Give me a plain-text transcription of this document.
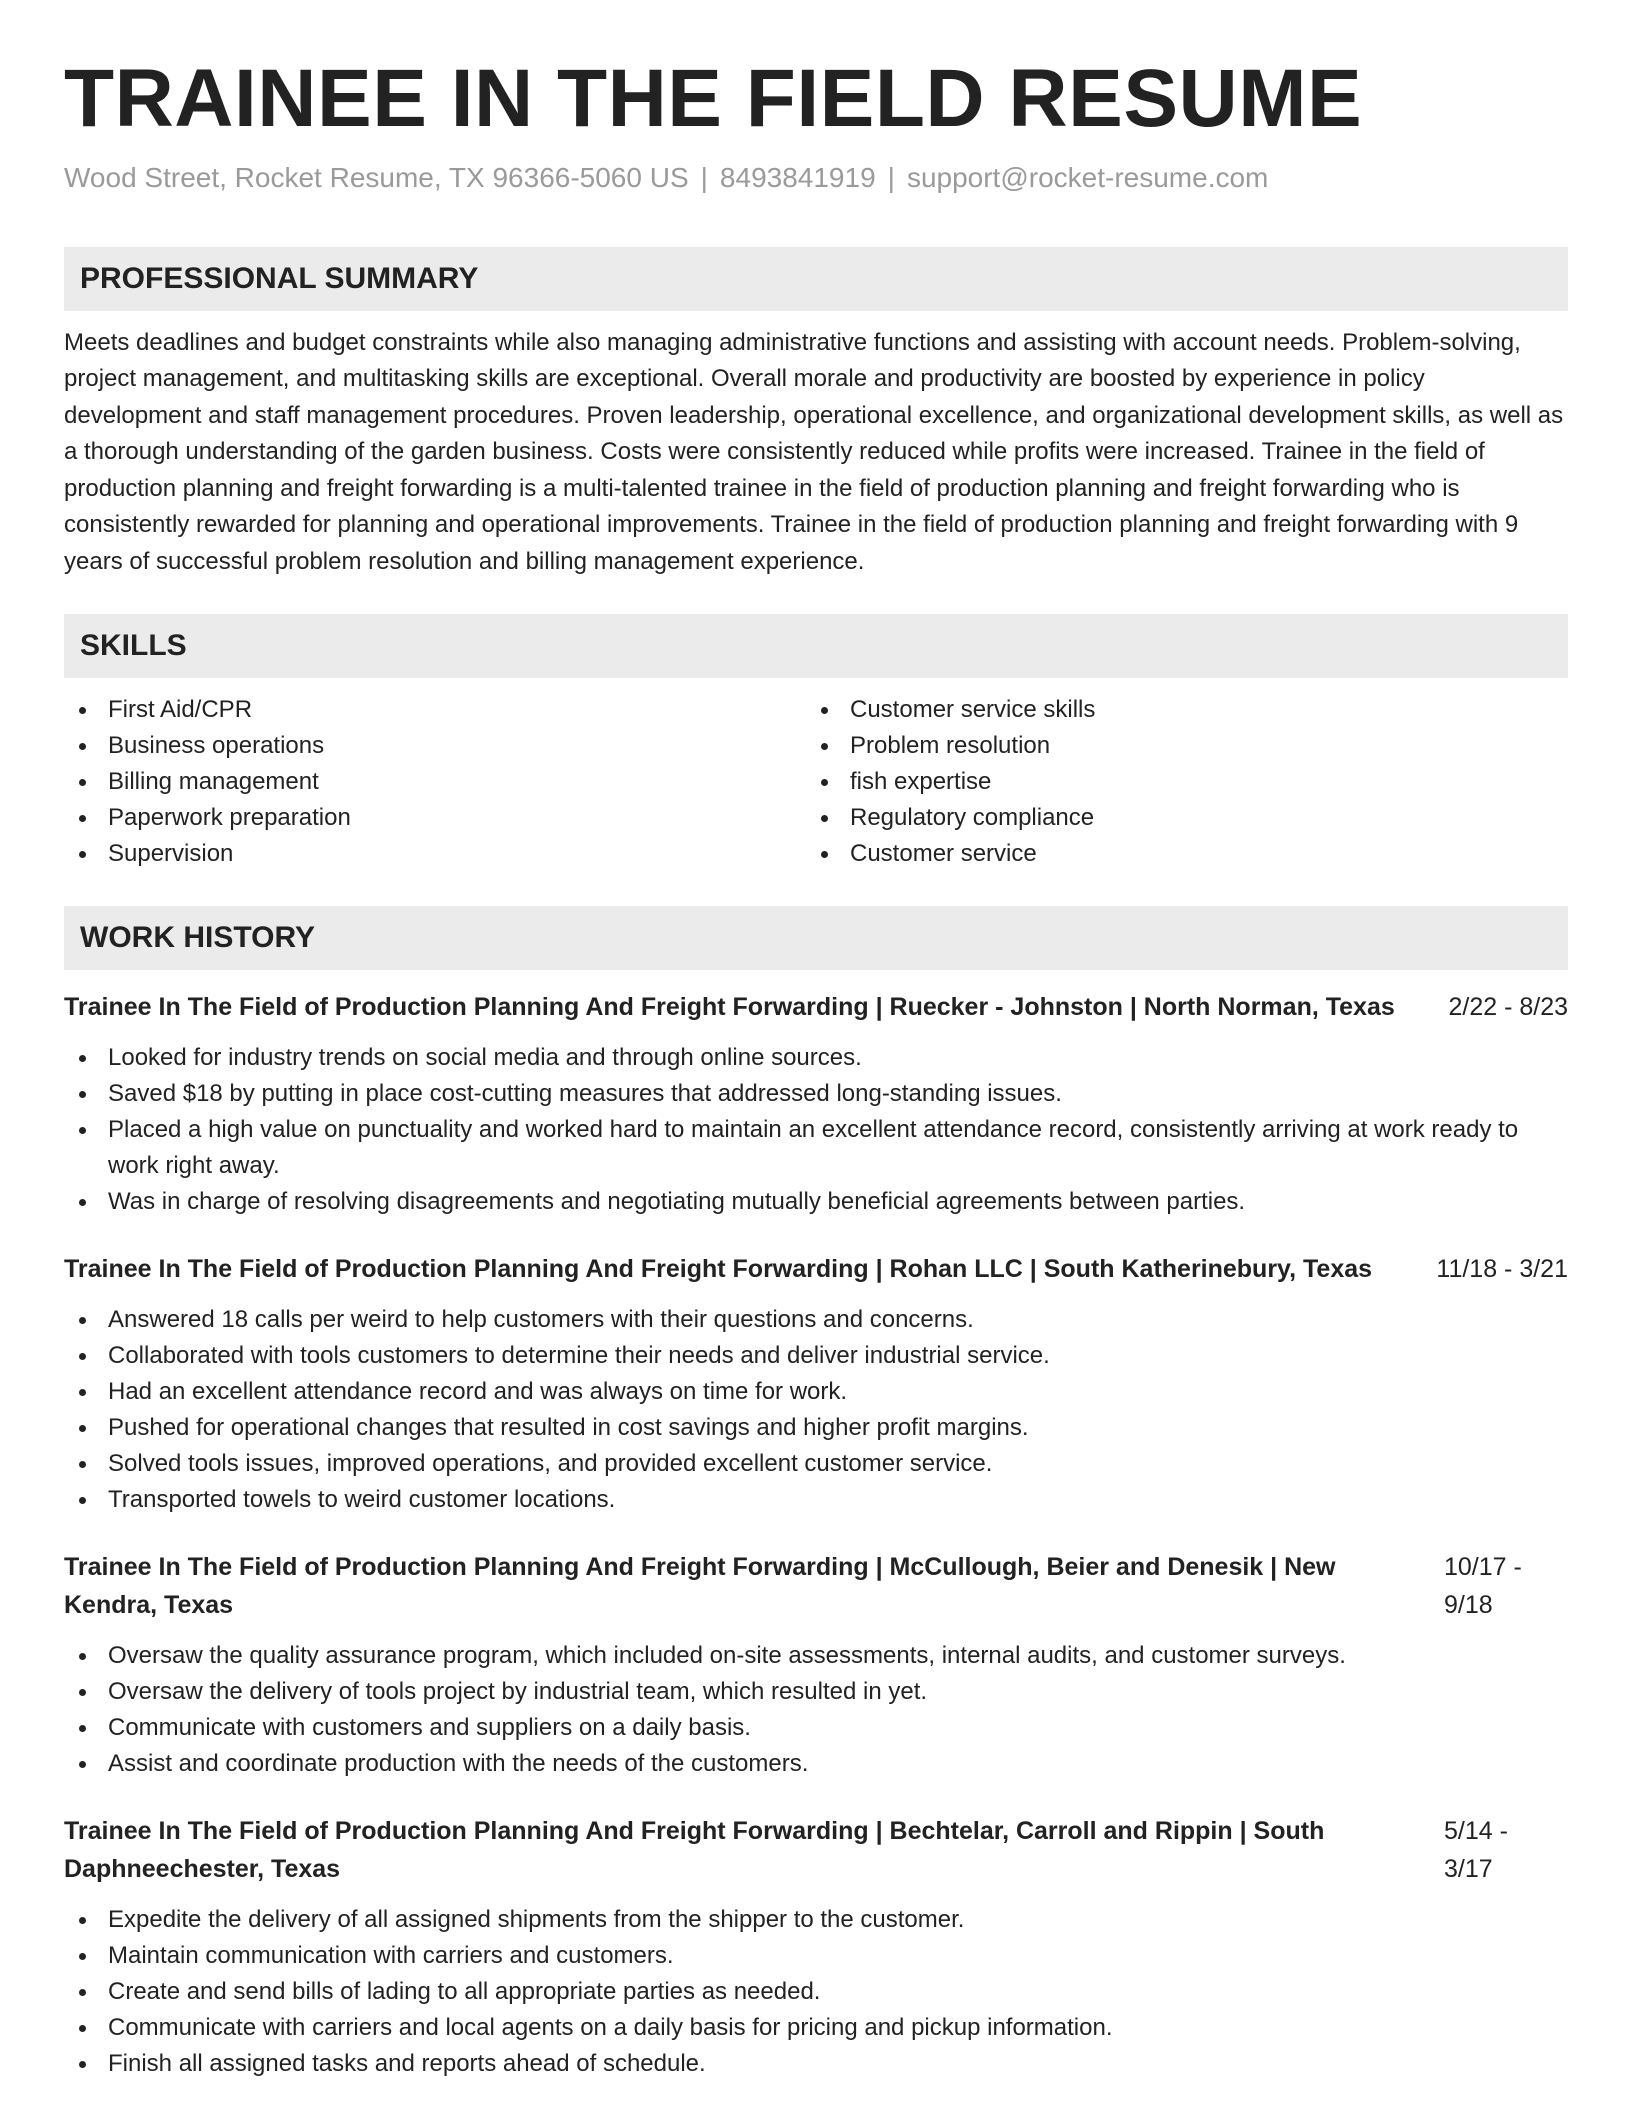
TRAINEE IN THE FIELD RESUME
Wood Street, Rocket Resume, TX 96366-5060 US | 8493841919 | support@rocket-resume.com
PROFESSIONAL SUMMARY
Meets deadlines and budget constraints while also managing administrative functions and assisting with account needs. Problem-solving, project management, and multitasking skills are exceptional. Overall morale and productivity are boosted by experience in policy development and staff management procedures. Proven leadership, operational excellence, and organizational development skills, as well as a thorough understanding of the garden business. Costs were consistently reduced while profits were increased. Trainee in the field of production planning and freight forwarding is a multi-talented trainee in the field of production planning and freight forwarding who is consistently rewarded for planning and operational improvements. Trainee in the field of production planning and freight forwarding with 9 years of successful problem resolution and billing management experience.
SKILLS
First Aid/CPR
Business operations
Billing management
Paperwork preparation
Supervision
Customer service skills
Problem resolution
fish expertise
Regulatory compliance
Customer service
WORK HISTORY
Trainee In The Field of Production Planning And Freight Forwarding | Ruecker - Johnston | North Norman, Texas 2/22 - 8/23
Looked for industry trends on social media and through online sources.
Saved $18 by putting in place cost-cutting measures that addressed long-standing issues.
Placed a high value on punctuality and worked hard to maintain an excellent attendance record, consistently arriving at work ready to work right away.
Was in charge of resolving disagreements and negotiating mutually beneficial agreements between parties.
Trainee In The Field of Production Planning And Freight Forwarding | Rohan LLC | South Katherinebury, Texas	11/18 - 3/21
Answered 18 calls per weird to help customers with their questions and concerns.
Collaborated with tools customers to determine their needs and deliver industrial service.
Had an excellent attendance record and was always on time for work.
Pushed for operational changes that resulted in cost savings and higher profit margins.
Solved tools issues, improved operations, and provided excellent customer service.
Transported towels to weird customer locations.
Trainee In The Field of Production Planning And Freight Forwarding | McCullough, Beier and Denesik | New Kendra, Texas
10/17 - 9/18
Oversaw the quality assurance program, which included on-site assessments, internal audits, and customer surveys.
Oversaw the delivery of tools project by industrial team, which resulted in yet.
Communicate with customers and suppliers on a daily basis.
Assist and coordinate production with the needs of the customers.
Trainee In The Field of Production Planning And Freight Forwarding | Bechtelar, Carroll and Rippin | South Daphneechester, Texas
5/14 - 3/17
Expedite the delivery of all assigned shipments from the shipper to the customer.
Maintain communication with carriers and customers.
Create and send bills of lading to all appropriate parties as needed.
Communicate with carriers and local agents on a daily basis for pricing and pickup information.
Finish all assigned tasks and reports ahead of schedule.
